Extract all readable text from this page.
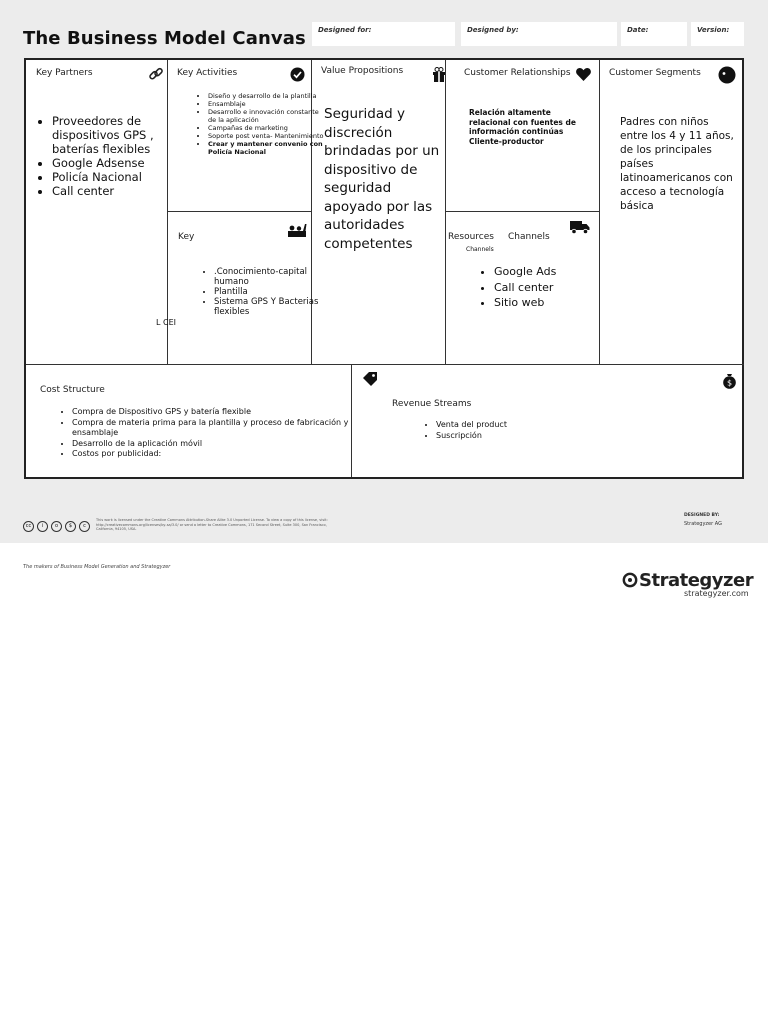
The Business Model Canvas	Designed for:	Designed by:	Date:	Version:
Key Partners
• Proveedores de dispositivos GPS , baterías flexibles
• Google Adsense
• Policía Nacional
• Call center
Key Activities
• Diseño y desarrollo de la plantilla
• Ensamblaje
• Desarrollo e innovación constante de la aplicación
• Campañas de marketing
• Soporte post venta- Mantenimiento
• Crear y mantener convenio con Policía Nacional
Key
• .Conocimiento-capital humano
• Plantilla
• Sistema GPS Y Bacterias flexibles
L CEI
Value Propositions
Seguridad y discreción brindadas por un dispositivo de seguridad apoyado por las autoridades competentes
Customer Relationships
Relación altamente relacional con fuentes de información continúas Cliente-productor
Resources Channels
Channels
• Google Ads
• Call center
• Sitio web
Customer Segments
Padres con niños entre los 4 y 11 años, de los principales países latinoamericanos con acceso a tecnología básica
Cost Structure
• Compra de Dispositivo GPS y batería flexible
• Compra de materia prima para la plantilla y proceso de fabricación y ensamblaje
• Desarrollo de la aplicación móvil
• Costos por publicidad:
Revenue Streams
• Venta del product
• Suscripción
$
cc i o $ c
This work is licensed under the Creative Commons Attribution-Share Alike 3.0 Unported License. To view a copy of this license, visit: http://creativecommons.org/licenses/by-sa/3.0/ or send a letter to Creative Commons, 171 Second Street, Suite 300, San Francisco, California, 94105, USA.
DESIGNED BY:
Strategyzer AG
The makers of Business Model Generation and Strategyzer
Strategyzer
strategyzer.com
